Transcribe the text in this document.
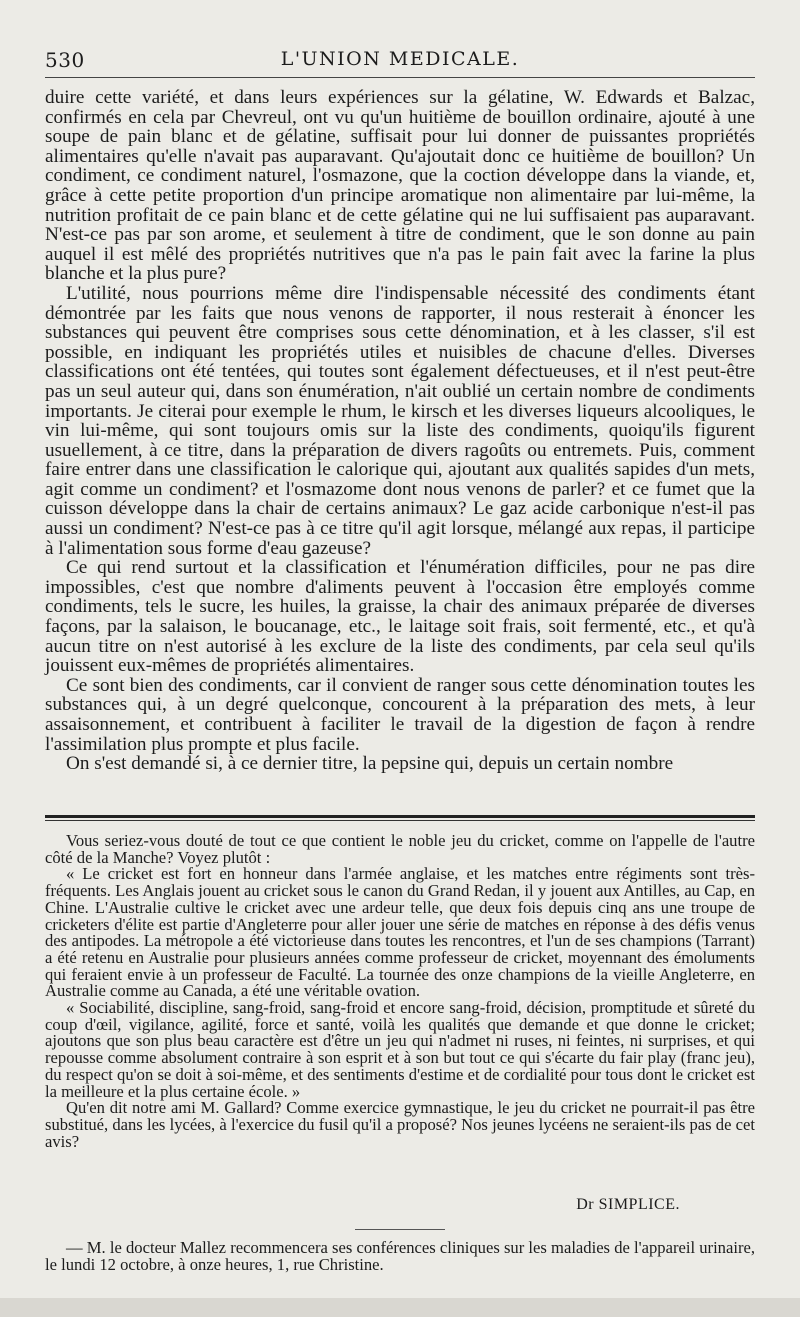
530	L'UNION MEDICALE.

duire cette variété, et dans leurs expériences sur la gélatine, W. Edwards et Balzac, confirmés en cela par Chevreul, ont vu qu'un huitième de bouillon ordinaire, ajouté à une soupe de pain blanc et de gélatine, suffisait pour lui donner de puissantes propriétés alimentaires qu'elle n'avait pas auparavant. Qu'ajoutait donc ce huitième de bouillon? Un condiment, ce condiment naturel, l'osmazone, que la coction développe dans la viande, et, grâce à cette petite proportion d'un principe aromatique non alimentaire par lui-même, la nutrition profitait de ce pain blanc et de cette gélatine qui ne lui suffisaient pas auparavant. N'est-ce pas par son arome, et seulement à titre de condiment, que le son donne au pain auquel il est mêlé des propriétés nutritives que n'a pas le pain fait avec la farine la plus blanche et la plus pure?

L'utilité, nous pourrions même dire l'indispensable nécessité des condiments étant démontrée par les faits que nous venons de rapporter, il nous resterait à énoncer les substances qui peuvent être comprises sous cette dénomination, et à les classer, s'il est possible, en indiquant les propriétés utiles et nuisibles de chacune d'elles. Diverses classifications ont été tentées, qui toutes sont également défectueuses, et il n'est peut-être pas un seul auteur qui, dans son énumération, n'ait oublié un certain nombre de condiments importants. Je citerai pour exemple le rhum, le kirsch et les diverses liqueurs alcooliques, le vin lui-même, qui sont toujours omis sur la liste des condiments, quoiqu'ils figurent usuellement, à ce titre, dans la préparation de divers ragoûts ou entremets. Puis, comment faire entrer dans une classification le calorique qui, ajoutant aux qualités sapides d'un mets, agit comme un condiment? et l'osmazome dont nous venons de parler? et ce fumet que la cuisson développe dans la chair de certains animaux? Le gaz acide carbonique n'est-il pas aussi un condiment? N'est-ce pas à ce titre qu'il agit lorsque, mélangé aux repas, il participe à l'alimentation sous forme d'eau gazeuse?

Ce qui rend surtout et la classification et l'énumération difficiles, pour ne pas dire impossibles, c'est que nombre d'aliments peuvent à l'occasion être employés comme condiments, tels le sucre, les huiles, la graisse, la chair des animaux préparée de diverses façons, par la salaison, le boucanage, etc., le laitage soit frais, soit fermenté, etc., et qu'à aucun titre on n'est autorisé à les exclure de la liste des condiments, par cela seul qu'ils jouissent eux-mêmes de propriétés alimentaires.

Ce sont bien des condiments, car il convient de ranger sous cette dénomination toutes les substances qui, à un degré quelconque, concourent à la préparation des mets, à leur assaisonnement, et contribuent à faciliter le travail de la digestion de façon à rendre l'assimilation plus prompte et plus facile.

On s'est demandé si, à ce dernier titre, la pepsine qui, depuis un certain nombre

Vous seriez-vous douté de tout ce que contient le noble jeu du cricket, comme on l'appelle de l'autre côté de la Manche? Voyez plutôt :

« Le cricket est fort en honneur dans l'armée anglaise, et les matches entre régiments sont très-fréquents. Les Anglais jouent au cricket sous le canon du Grand Redan, il y jouent aux Antilles, au Cap, en Chine. L'Australie cultive le cricket avec une ardeur telle, que deux fois depuis cinq ans une troupe de cricketers d'élite est partie d'Angleterre pour aller jouer une série de matches en réponse à des défis venus des antipodes. La métropole a été victorieuse dans toutes les rencontres, et l'un de ses champions (Tarrant) a été retenu en Australie pour plusieurs années comme professeur de cricket, moyennant des émoluments qui feraient envie à un professeur de Faculté. La tournée des onze champions de la vieille Angleterre, en Australie comme au Canada, a été une véritable ovation.

« Sociabilité, discipline, sang-froid, sang-froid et encore sang-froid, décision, promptitude et sûreté du coup d'œil, vigilance, agilité, force et santé, voilà les qualités que demande et que donne le cricket; ajoutons que son plus beau caractère est d'être un jeu qui n'admet ni ruses, ni feintes, ni surprises, et qui repousse comme absolument contraire à son esprit et à son but tout ce qui s'écarte du fair play (franc jeu), du respect qu'on se doit à soi-même, et des sentiments d'estime et de cordialité pour tous dont le cricket est la meilleure et la plus certaine école. »

Qu'en dit notre ami M. Gallard? Comme exercice gymnastique, le jeu du cricket ne pourrait-il pas être substitué, dans les lycées, à l'exercice du fusil qu'il a proposé? Nos jeunes lycéens ne seraient-ils pas de cet avis?

Dr SIMPLICE.

— M. le docteur Mallez recommencera ses conférences cliniques sur les maladies de l'appareil urinaire, le lundi 12 octobre, à onze heures, 1, rue Christine.
